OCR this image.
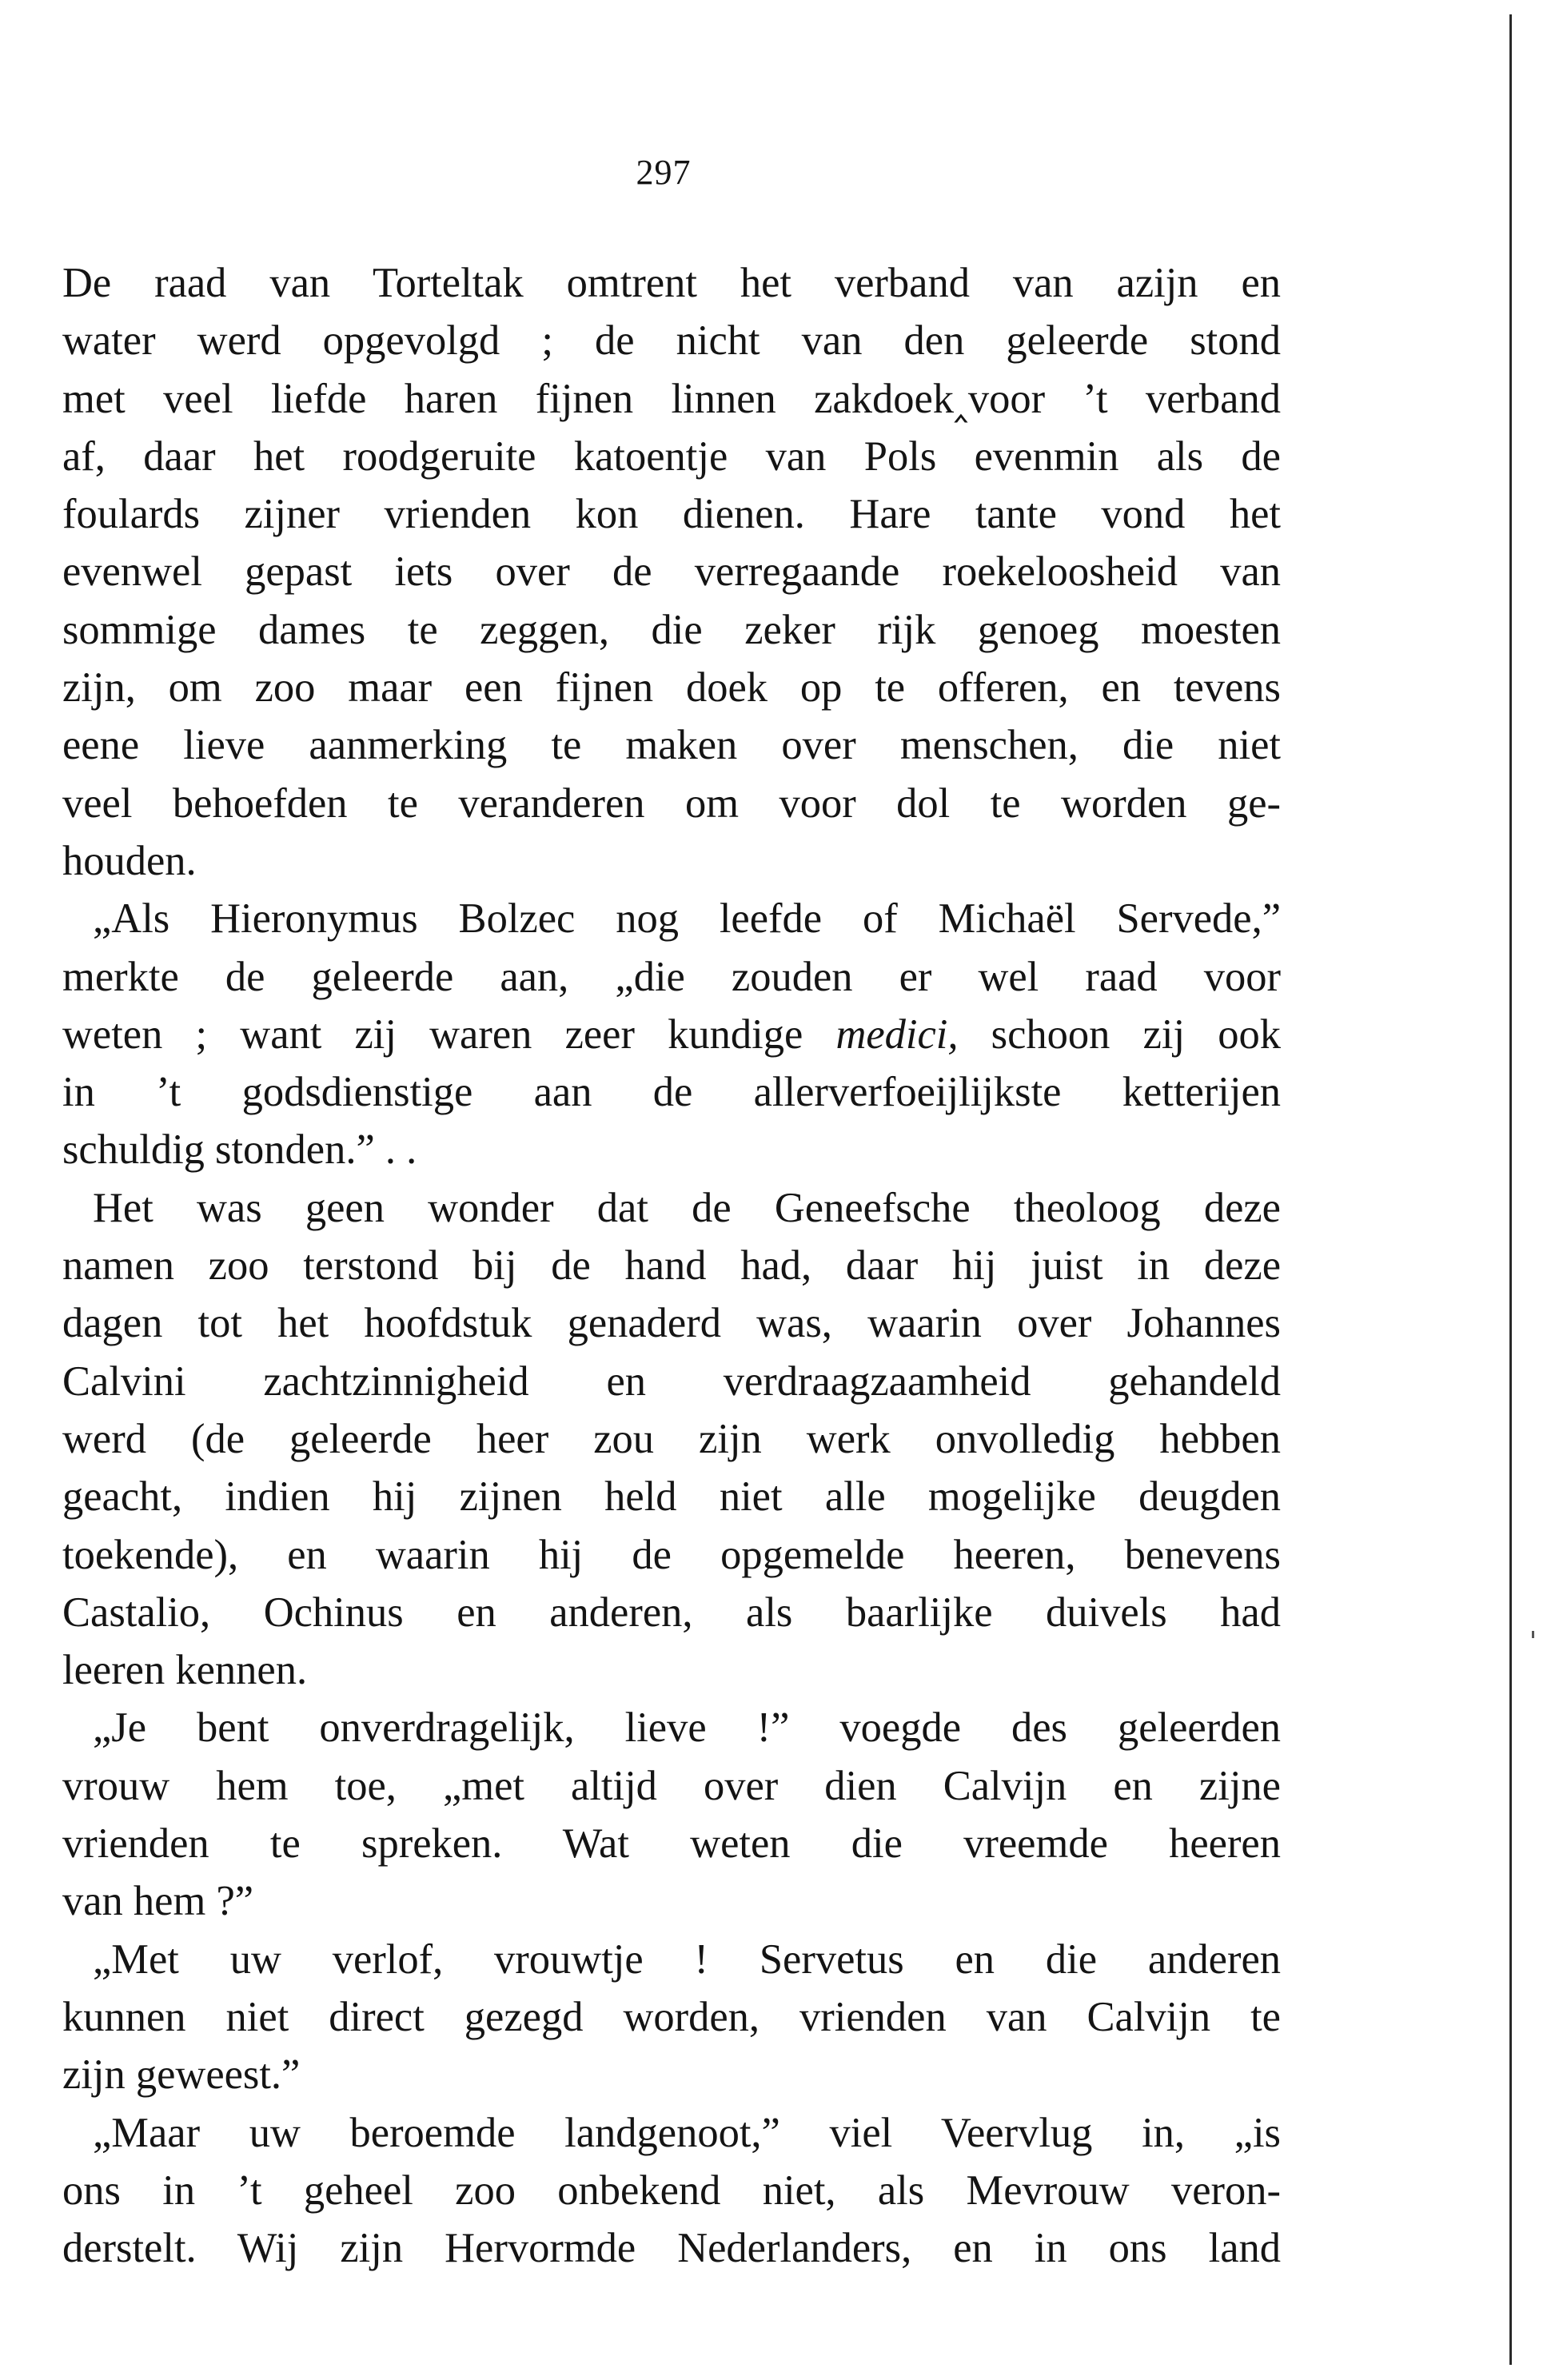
297
De raad van Torteltak omtrent het verband van azijn en
water werd opgevolgd ; de nicht van den geleerde stond
met veel liefde haren fijnen linnen zakdoek‸voor ’t verband
af, daar het roodgeruite katoentje van Pols evenmin als de
foulards zijner vrienden kon dienen. Hare tante vond het
evenwel gepast iets over de verregaande roekeloosheid van
sommige dames te zeggen, die zeker rijk genoeg moesten
zijn, om zoo maar een fijnen doek op te offeren, en tevens
eene lieve aanmerking te maken over menschen, die niet
veel behoefden te veranderen om voor dol te worden ge-
houden.
„Als Hieronymus Bolzec nog leefde of Michaël Servede,”
merkte de geleerde aan, „die zouden er wel raad voor
weten ; want zij waren zeer kundige medici, schoon zij ook
in ’t godsdienstige aan de allerverfoeijlijkste ketterijen
schuldig stonden.” . .
Het was geen wonder dat de Geneefsche theoloog deze
namen zoo terstond bij de hand had, daar hij juist in deze
dagen tot het hoofdstuk genaderd was, waarin over Johannes
Calvini zachtzinnigheid en verdraagzaamheid gehandeld
werd (de geleerde heer zou zijn werk onvolledig hebben
geacht, indien hij zijnen held niet alle mogelijke deugden
toekende), en waarin hij de opgemelde heeren, benevens
Castalio, Ochinus en anderen, als baarlijke duivels had
leeren kennen.
„Je bent onverdragelijk, lieve !” voegde des geleerden
vrouw hem toe, „met altijd over dien Calvijn en zijne
vrienden te spreken. Wat weten die vreemde heeren
van hem ?”
„Met uw verlof, vrouwtje ! Servetus en die anderen
kunnen niet direct gezegd worden, vrienden van Calvijn te
zijn geweest.”
„Maar uw beroemde landgenoot,” viel Veervlug in, „is
ons in ’t geheel zoo onbekend niet, als Mevrouw veron-
derstelt. Wij zijn Hervormde Nederlanders, en in ons land
